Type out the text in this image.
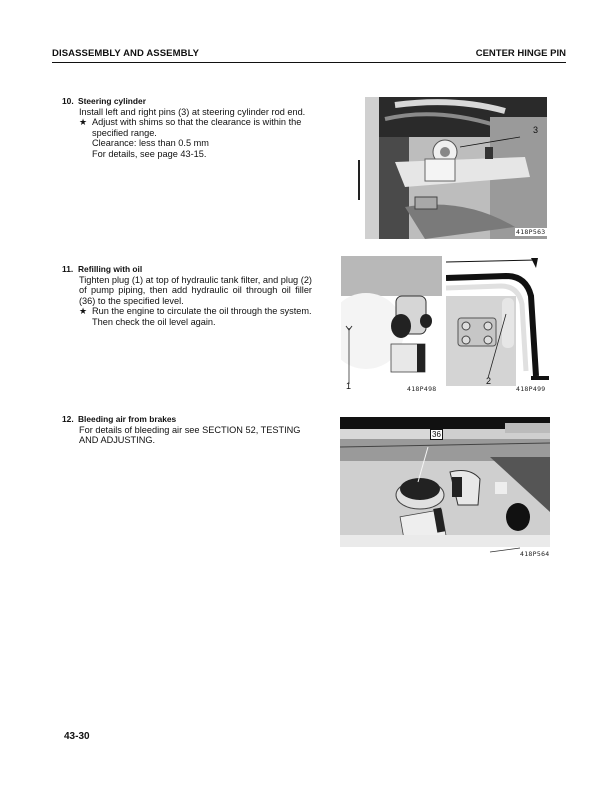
DISASSEMBLY AND ASSEMBLY	CENTER HINGE PIN
10. Steering cylinder
Install left and right pins (3) at steering cylinder rod end.
★ Adjust with shims so that the clearance is within the specified range.
Clearance: less than 0.5 mm
For details, see page 43-15.
11. Refilling with oil
Tighten plug (1) at top of hydraulic tank filter, and plug (2) of pump piping, then add hydraulic oil through oil filler (36) to the specified level.
★ Run the engine to circulate the oil through the system. Then check the oil level again.
12. Bleeding air from brakes
For details of bleeding air see SECTION 52, TESTING AND ADJUSTING.
3
418P563
418P498
1	2
418P499
36
418P564
43-30
